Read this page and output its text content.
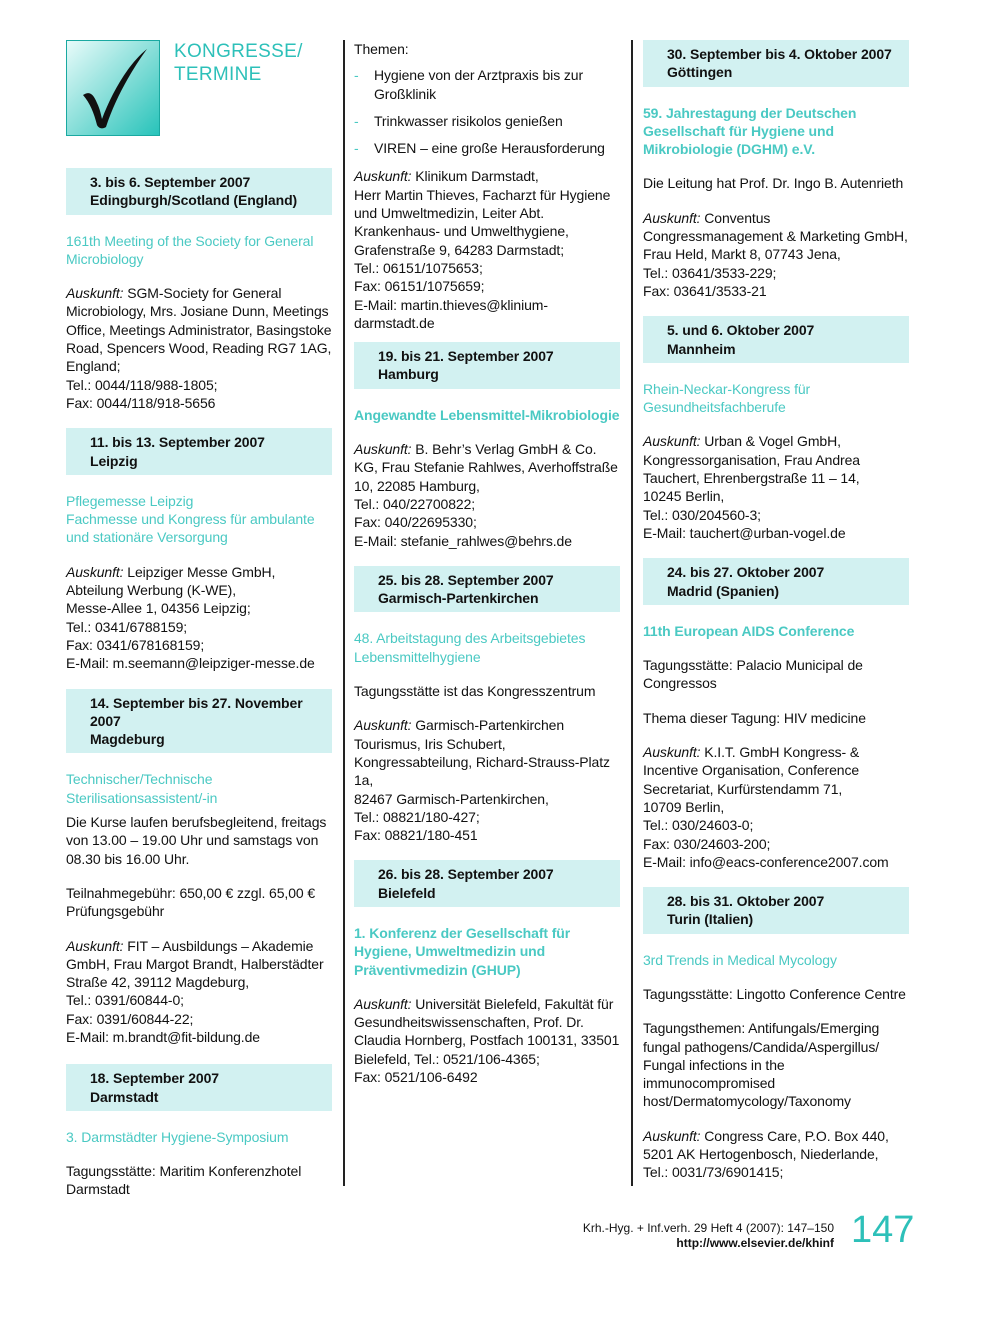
KONGRESSE/
TERMINE
3. bis 6. September 2007
Edingburgh/Scotland (England)
161th Meeting of the Society for General Microbiology
Auskunft: SGM-Society for General Microbiology, Mrs. Josiane Dunn, Meetings Office, Meetings Administrator, Basingstoke Road, Spencers Wood, Reading RG7 1AG, England;
Tel.: 0044/118/988-1805;
Fax: 0044/118/918-5656
11. bis 13. September 2007
Leipzig
Pflegemesse Leipzig
Fachmesse und Kongress für ambulante und stationäre Versorgung
Auskunft: Leipziger Messe GmbH,
Abteilung Werbung (K-WE),
Messe-Allee 1, 04356 Leipzig;
Tel.: 0341/6788159;
Fax: 0341/678168159;
E-Mail: m.seemann@leipziger-messe.de
14. September bis 27. November 2007
Magdeburg
Technischer/Technische Sterilisationsassistent/-in
Die Kurse laufen berufsbegleitend, freitags von 13.00 – 19.00 Uhr und samstags von 08.30 bis 16.00 Uhr.
Teilnahmegebühr: 650,00 € zzgl. 65,00 € Prüfungsgebühr
Auskunft: FIT – Ausbildungs – Akademie GmbH, Frau Margot Brandt, Halberstädter Straße 42, 39112 Magdeburg,
Tel.: 0391/60844-0;
Fax: 0391/60844-22;
E-Mail: m.brandt@fit-bildung.de
18. September 2007
Darmstadt
3. Darmstädter Hygiene-Symposium
Tagungsstätte: Maritim Konferenzhotel Darmstadt
Themen:
- Hygiene von der Arztpraxis bis zur Großklinik
- Trinkwasser risikolos genießen
- VIREN – eine große Herausforderung
Auskunft: Klinikum Darmstadt,
Herr Martin Thieves, Facharzt für Hygiene und Umweltmedizin, Leiter Abt. Krankenhaus- und Umwelthygiene, Grafenstraße 9, 64283 Darmstadt;
Tel.: 06151/1075653;
Fax: 06151/1075659;
E-Mail: martin.thieves@klinium-darmstadt.de
19. bis 21. September 2007
Hamburg
Angewandte Lebensmittel-Mikrobiologie
Auskunft: B. Behr’s Verlag GmbH & Co. KG, Frau Stefanie Rahlwes, Averhoffstraße 10, 22085 Hamburg,
Tel.: 040/22700822;
Fax: 040/22695330;
E-Mail: stefanie_rahlwes@behrs.de
25. bis 28. September 2007
Garmisch-Partenkirchen
48. Arbeitstagung des Arbeitsgebietes Lebensmittelhygiene
Tagungsstätte ist das Kongresszentrum
Auskunft: Garmisch-Partenkirchen Tourismus, Iris Schubert, Kongressabteilung, Richard-Strauss-Platz 1a,
82467 Garmisch-Partenkirchen,
Tel.: 08821/180-427;
Fax: 08821/180-451
26. bis 28. September 2007
Bielefeld
1. Konferenz der Gesellschaft für Hygiene, Umweltmedizin und Präventivmedizin (GHUP)
Auskunft: Universität Bielefeld, Fakultät für Gesundheitswissenschaften, Prof. Dr. Claudia Hornberg, Postfach 100131, 33501 Bielefeld, Tel.: 0521/106-4365;
Fax: 0521/106-6492
30. September bis 4. Oktober 2007
Göttingen
59. Jahrestagung der Deutschen Gesellschaft für Hygiene und Mikrobiologie (DGHM) e.V.
Die Leitung hat Prof. Dr. Ingo B. Autenrieth
Auskunft: Conventus Congressmanagement & Marketing GmbH, Frau Held, Markt 8, 07743 Jena,
Tel.: 03641/3533-229;
Fax: 03641/3533-21
5. und 6. Oktober 2007
Mannheim
Rhein-Neckar-Kongress für Gesundheitsfachberufe
Auskunft: Urban & Vogel GmbH,
Kongressorganisation, Frau Andrea Tauchert, Ehrenbergstraße 11 – 14,
10245 Berlin,
Tel.: 030/204560-3;
E-Mail: tauchert@urban-vogel.de
24. bis 27. Oktober 2007
Madrid (Spanien)
11th European AIDS Conference
Tagungsstätte: Palacio Municipal de Congressos
Thema dieser Tagung: HIV medicine
Auskunft: K.I.T. GmbH Kongress- & Incentive Organisation, Conference Secretariat, Kurfürstendamm 71,
10709 Berlin,
Tel.: 030/24603-0;
Fax: 030/24603-200;
E-Mail: info@eacs-conference2007.com
28. bis 31. Oktober 2007
Turin (Italien)
3rd Trends in Medical Mycology
Tagungsstätte: Lingotto Conference Centre
Tagungsthemen: Antifungals/Emerging fungal pathogens/Candida/Aspergillus/ Fungal infections in the immunocompromised host/Dermatomycology/Taxonomy
Auskunft: Congress Care, P.O. Box 440,
5201 AK Hertogenbosch, Niederlande,
Tel.: 0031/73/6901415;
Krh.-Hyg. + Inf.verh. 29 Heft 4 (2007): 147–150
http://www.elsevier.de/khinf 147
